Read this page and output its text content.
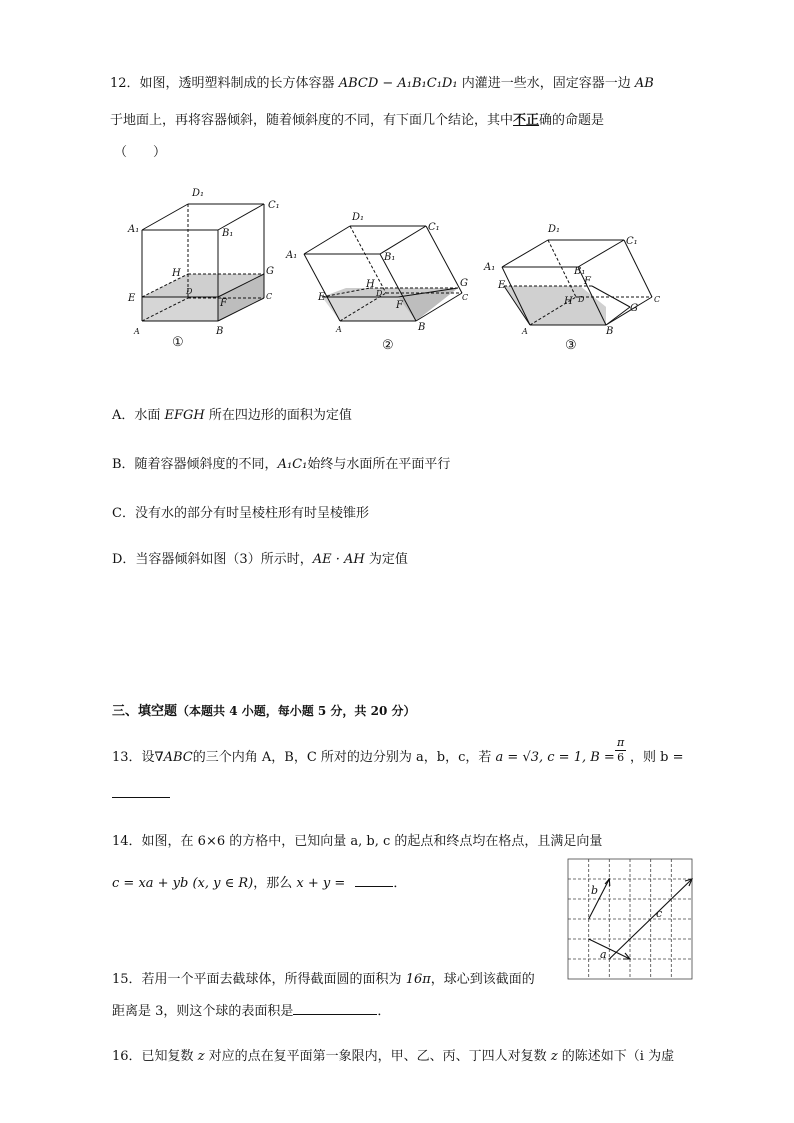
12．如图，透明塑料制成的长方体容器 ABCD − A₁B₁C₁D₁ 内灌进一些水，固定容器一边 AB
于地面上，再将容器倾斜，随着倾斜度的不同，有下面几个结论，其中不正确的命题是
（　　）
D₁
C₁
A₁	B₁
H	G
E	F
D
C
A	B
D₁
C₁
A₁	B₁
H	G
E
F
D	C
A	B
D₁
C₁
A₁	B₁
E	F
H D
G
C
A	B
①	②	③
A．水面 EFGH 所在四边形的面积为定值
B．随着容器倾斜度的不同，A₁C₁始终与水面所在平面平行
C．没有水的部分有时呈棱柱形有时呈棱锥形
D．当容器倾斜如图（3）所示时，AE · AH 为定值
三、填空题（本题共 4 小题，每小题 5 分，共 20 分）
13．设∇ABC的三个内角 A，B，C 所对的边分别为 a，b，c，若 a = √3, c = 1, $B = \frac{\pi}{6}$ ，则 b =
14．如图，在 6×6 的方格中，已知向量 a, b, c 的起点和终点均在格点，且满足向量
c = xa + yb (x, y ∈ R)，那么 x + y =	．	b
c
a
15．若用一个平面去截球体，所得截面圆的面积为 16π，球心到该截面的
距离是 3，则这个球的表面积是	．
16．已知复数 z 对应的点在复平面第一象限内，甲、乙、丙、丁四人对复数 z 的陈述如下（i 为虚
